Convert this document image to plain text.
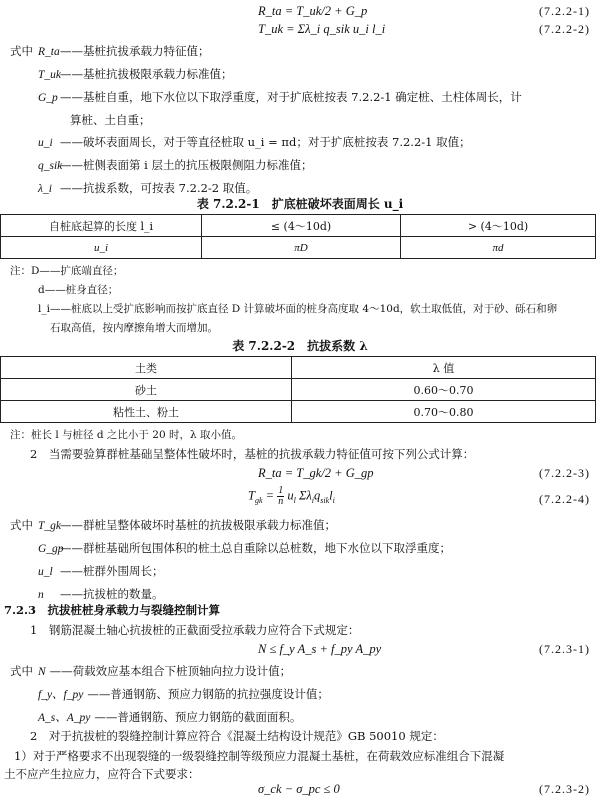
R_ta = T_uk/2 + G_p	(7.2.2-1)
T_uk = Σλ_i q_sik u_i l_i	(7.2.2-2)
式中 R_ta——基桩抗拔承载力特征值；
T_uk——基桩抗拔极限承载力标准值；
G_p ——基桩自重，地下水位以下取浮重度，对于扩底桩按表 7.2.2-1 确定桩、土柱体周长，计
算桩、土自重；
u_i ——破坏表面周长，对于等直径桩取 u_i = πd；对于扩底桩按表 7.2.2-1 取值；
q_sik——桩侧表面第 i 层土的抗压极限侧阻力标准值；
λ_i ——抗拔系数，可按表 7.2.2-2 取值。
表 7.2.2-1　扩底桩破坏表面周长 u_i
自桩底起算的长度 l_i	≤ (4～10d)	> (4～10d)
u_i	πD	πd
注：D——扩底端直径；
d——桩身直径；
l_i——桩底以上受扩底影响而按扩底直径 D 计算破坏面的桩身高度取 4～10d，软土取低值，对于砂、砾石和卵
石取高值，按内摩擦角增大而增加。
表 7.2.2-2　抗拔系数 λ
土类	λ 值
砂土	0.60～0.70
粘性土、粉土	0.70～0.80
注：桩长 l 与桩径 d 之比小于 20 时，λ 取小值。
2　当需要验算群桩基础呈整体性破坏时，基桩的抗拔承载力特征值可按下列公式计算：
R_ta = T_gk/2 + G_gp	(7.2.2-3)
$T_{gk} = \frac{1}{n} u_l$ $\Sigma\lambda_iq_{sik}l_i$	(7.2.2-4)
式中 T_gk——群桩呈整体破坏时基桩的抗拔极限承载力标准值；
G_gp——群桩基础所包围体积的桩土总自重除以总桩数，地下水位以下取浮重度；
u_l ——桩群外围周长；
n ——抗拔桩的数量。
7.2.3　抗拔桩桩身承载力与裂缝控制计算
1　钢筋混凝土轴心抗拔桩的正截面受拉承载力应符合下式规定：
N ≤ f_y A_s + f_py A_py	(7.2.3-1)
式中 N ——荷载效应基本组合下桩顶轴向拉力设计值；
f_y、f_py ——普通钢筋、预应力钢筋的抗拉强度设计值；
A_s、A_py ——普通钢筋、预应力钢筋的截面面积。
2　对于抗拔桩的裂缝控制计算应符合《混凝土结构设计规范》GB 50010 规定：
1）对于严格要求不出现裂缝的一级裂缝控制等级预应力混凝土基桩，在荷载效应标准组合下混凝
土不应产生拉应力，应符合下式要求：
σ_ck − σ_pc ≤ 0	(7.2.3-2)
